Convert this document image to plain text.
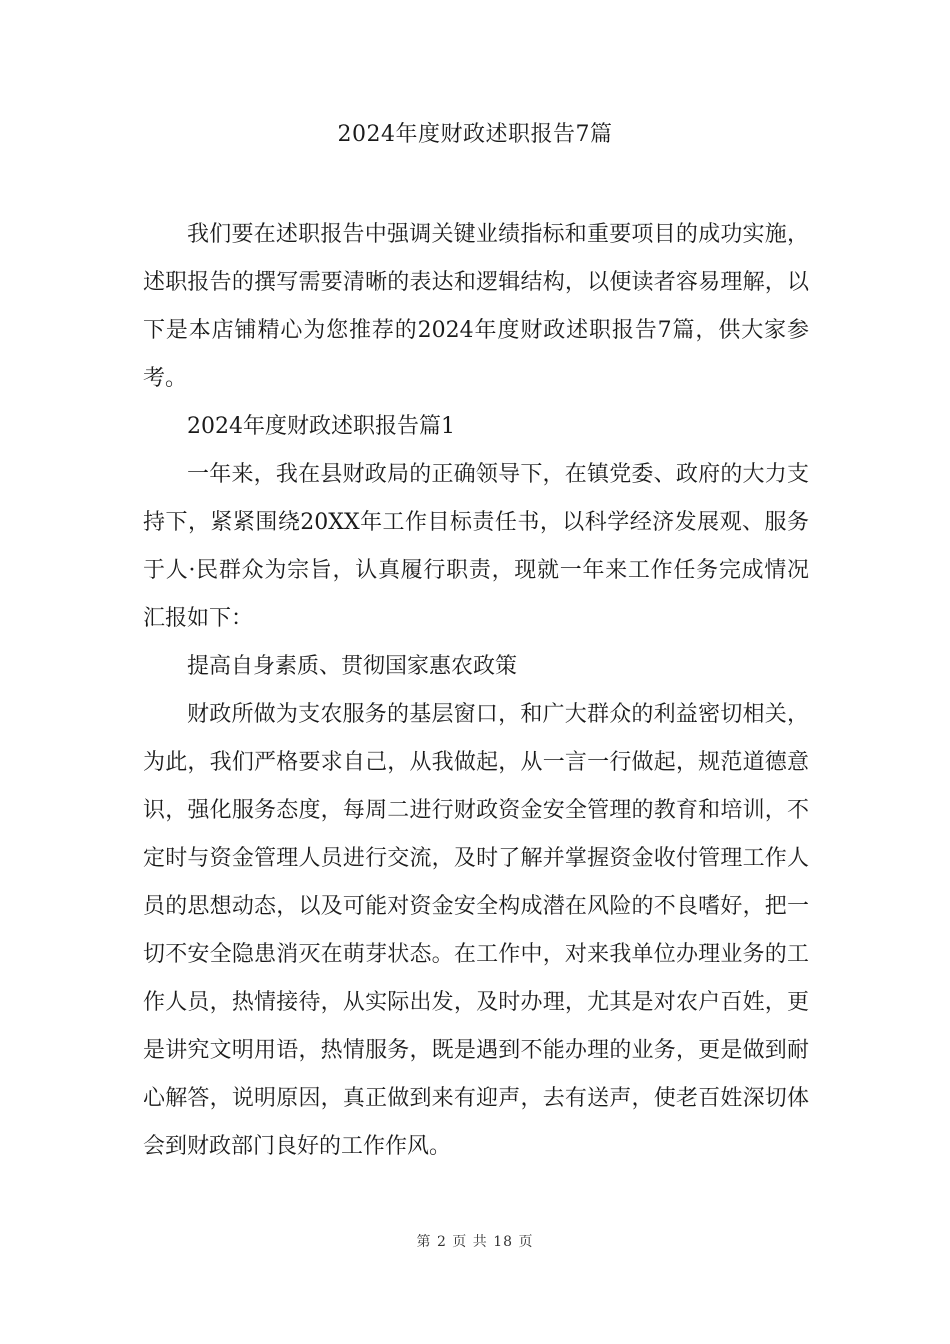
2024年度财政述职报告7篇

我们要在述职报告中强调关键业绩指标和重要项目的成功实施，述职报告的撰写需要清晰的表达和逻辑结构，以便读者容易理解，以下是本店铺精心为您推荐的2024年度财政述职报告7篇，供大家参考。

2024年度财政述职报告篇1

一年来，我在县财政局的正确领导下，在镇党委、政府的大力支持下，紧紧围绕20XX年工作目标责任书，以科学经济发展观、服务于人·民群众为宗旨，认真履行职责，现就一年来工作任务完成情况汇报如下：

提高自身素质、贯彻国家惠农政策

财政所做为支农服务的基层窗口，和广大群众的利益密切相关，为此，我们严格要求自己，从我做起，从一言一行做起，规范道德意识，强化服务态度，每周二进行财政资金安全管理的教育和培训，不定时与资金管理人员进行交流，及时了解并掌握资金收付管理工作人员的思想动态，以及可能对资金安全构成潜在风险的不良嗜好，把一切不安全隐患消灭在萌芽状态。在工作中，对来我单位办理业务的工作人员，热情接待，从实际出发，及时办理，尤其是对农户百姓，更是讲究文明用语，热情服务，既是遇到不能办理的业务，更是做到耐心解答，说明原因，真正做到来有迎声，去有送声，使老百姓深切体会到财政部门良好的工作作风。

第 2 页 共 18 页
